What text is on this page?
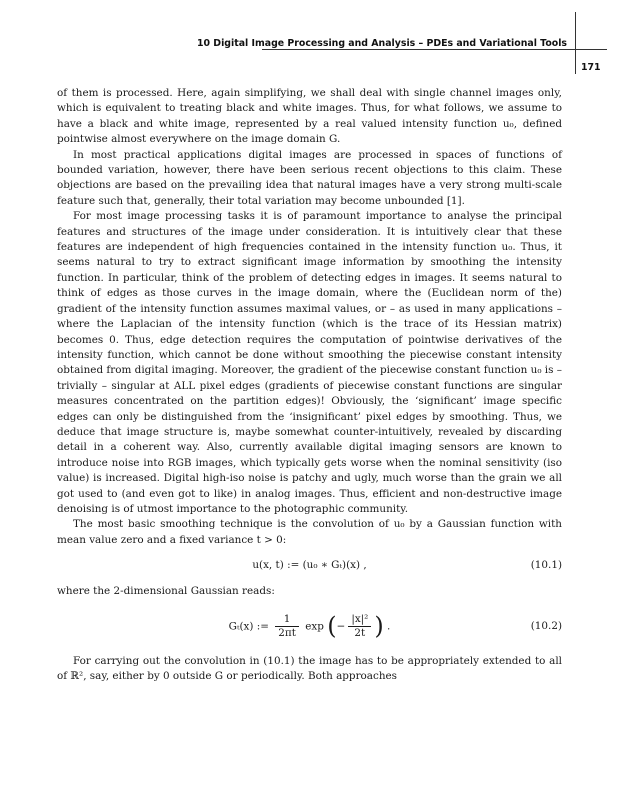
10 Digital Image Processing and Analysis – PDEs and Variational Tools
171

of them is processed. Here, again simplifying, we shall deal with single channel images only, which is equivalent to treating black and white images. Thus, for what follows, we assume to have a black and white image, represented by a real valued intensity function u₀, defined pointwise almost everywhere on the image domain G.

In most practical applications digital images are processed in spaces of functions of bounded variation, however, there have been serious recent objections to this claim. These objections are based on the prevailing idea that natural images have a very strong multi-scale feature such that, generally, their total variation may become unbounded [1].

For most image processing tasks it is of paramount importance to analyse the principal features and structures of the image under consideration. It is intuitively clear that these features are independent of high frequencies contained in the intensity function u₀. Thus, it seems natural to try to extract significant image information by smoothing the intensity function. In particular, think of the problem of detecting edges in images. It seems natural to think of edges as those curves in the image domain, where the (Euclidean norm of the) gradient of the intensity function assumes maximal values, or – as used in many applications – where the Laplacian of the intensity function (which is the trace of its Hessian matrix) becomes 0. Thus, edge detection requires the computation of pointwise derivatives of the intensity function, which cannot be done without smoothing the piecewise constant intensity obtained from digital imaging. Moreover, the gradient of the piecewise constant function u₀ is – trivially – singular at ALL pixel edges (gradients of piecewise constant functions are singular measures concentrated on the partition edges)! Obviously, the ‘significant’ image specific edges can only be distinguished from the ‘insignificant’ pixel edges by smoothing. Thus, we deduce that image structure is, maybe somewhat counter-intuitively, revealed by discarding detail in a coherent way. Also, currently available digital imaging sensors are known to introduce noise into RGB images, which typically gets worse when the nominal sensitivity (iso value) is increased. Digital high-iso noise is patchy and ugly, much worse than the grain we all got used to (and even got to like) in analog images. Thus, efficient and non-destructive image denoising is of utmost importance to the photographic community.

The most basic smoothing technique is the convolution of u₀ by a Gaussian function with mean value zero and a fixed variance t > 0:

u(x, t) := (u₀ ∗ Gₜ)(x) ,	(10.1)

where the 2-dimensional Gaussian reads:

Gₜ(x) := $\frac{1}{2\pi t}$ exp (− $\frac{\text{|x|²}}{2t}$ ) .	(10.2)

For carrying out the convolution in (10.1) the image has to be appropriately extended to all of ℝ², say, either by 0 outside G or periodically. Both approaches
